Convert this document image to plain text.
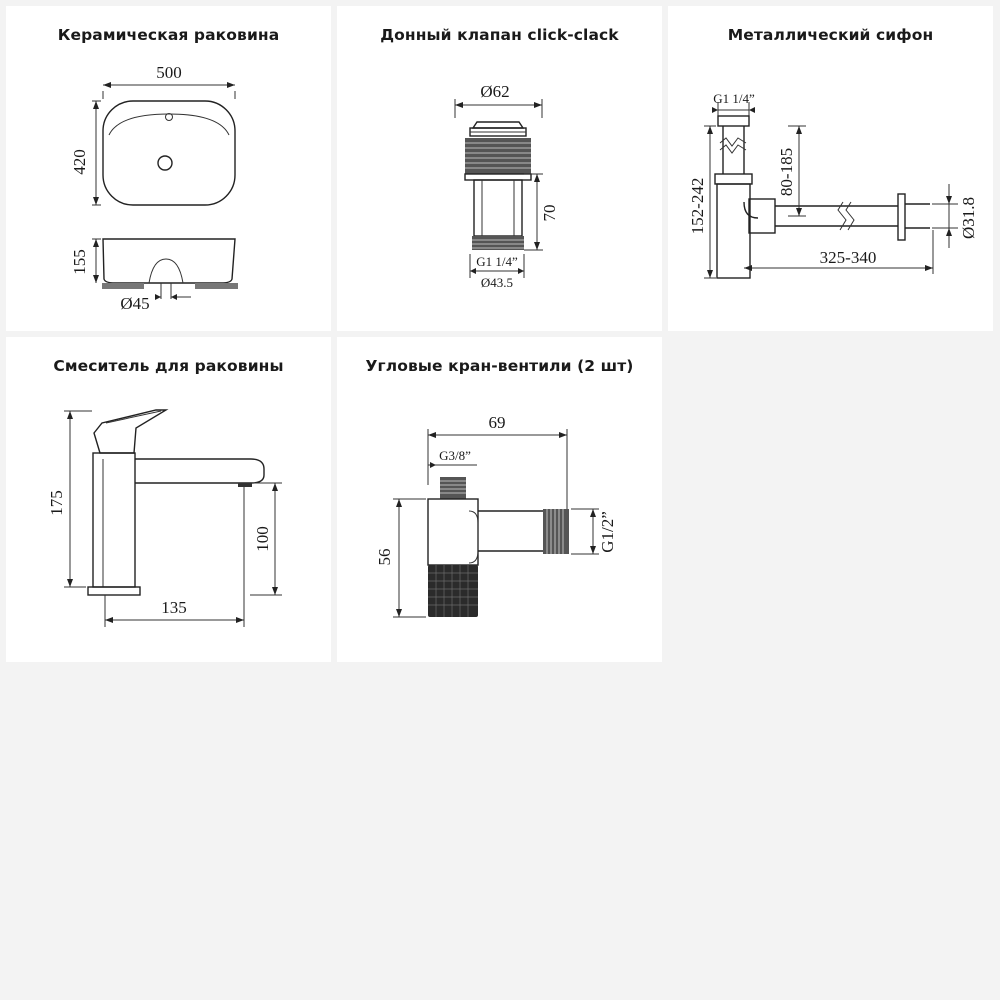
Керамическая раковина
500
420
155
Ø45
Донный клапан click-clack
Ø62
70
G1 1/4”
Ø43.5
Металлический сифон
G1 1/4”
152-242
80-185
325-340
Ø31.8
Смеситель для раковины
175
100
135
Угловые кран-вентили (2 шт)
69
G3/8”
56
G1/2”
